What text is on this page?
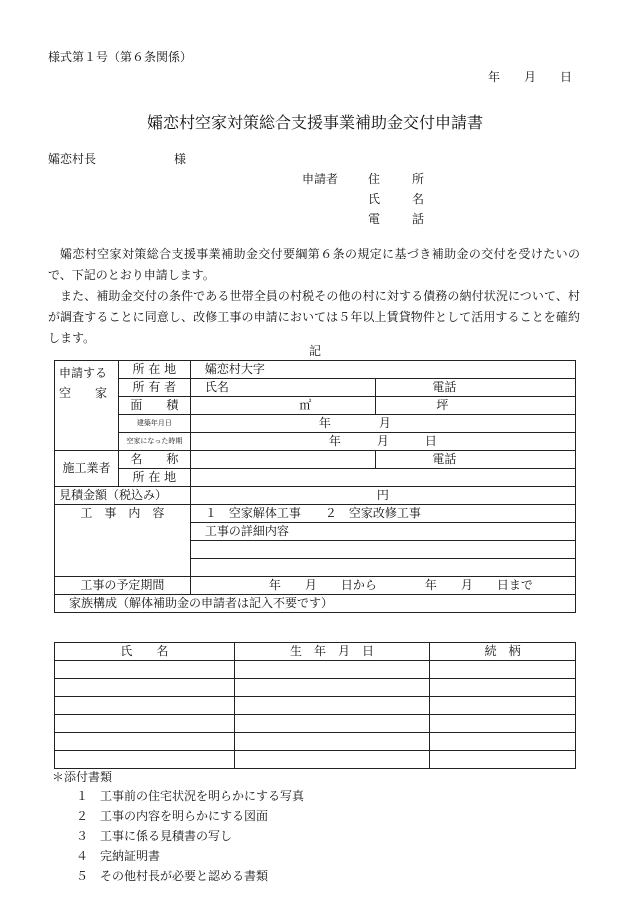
様式第１号（第６条関係）
年　　月　　日
孀恋村空家対策総合支援事業補助金交付申請書
孀恋村長	様
申請者 住　所
氏　名
電　話

孀恋村空家対策総合支援事業補助金交付要綱第６条の規定に基づき補助金の交付を受けたいので、下記のとおり申請します。

また、補助金交付の条件である世帯全員の村税その他の村に対する債務の納付状況について、村が調査することに同意し、改修工事の申請においては５年以上賃貸物件として活用することを確約します。

記
申請する
空　　家	所 在 地	孀恋村大字	
	所 有 者	氏名	電話
	面　　積	㎡	坪
	建築年月日	年　　　　月	
	空家になった時期	年　　　月　　　日	
施工業者	名　　称		電話
	所 在 地		
見積金額（税込み）		円	
工　事　内　容		１　空家解体工事　　２　空家改修工事	
		工事の詳細内容	

工事の予定期間		年　　月　　日から　　　　年　　月　　日まで	
家族構成（解体補助金の申請者は記入不要です）			
氏　　名	生　年　月　日	続　柄

＊添付書類
１ 工事前の住宅状況を明らかにする写真
２ 工事の内容を明らかにする図面
３ 工事に係る見積書の写し
４ 完納証明書
５ その他村長が必要と認める書類
